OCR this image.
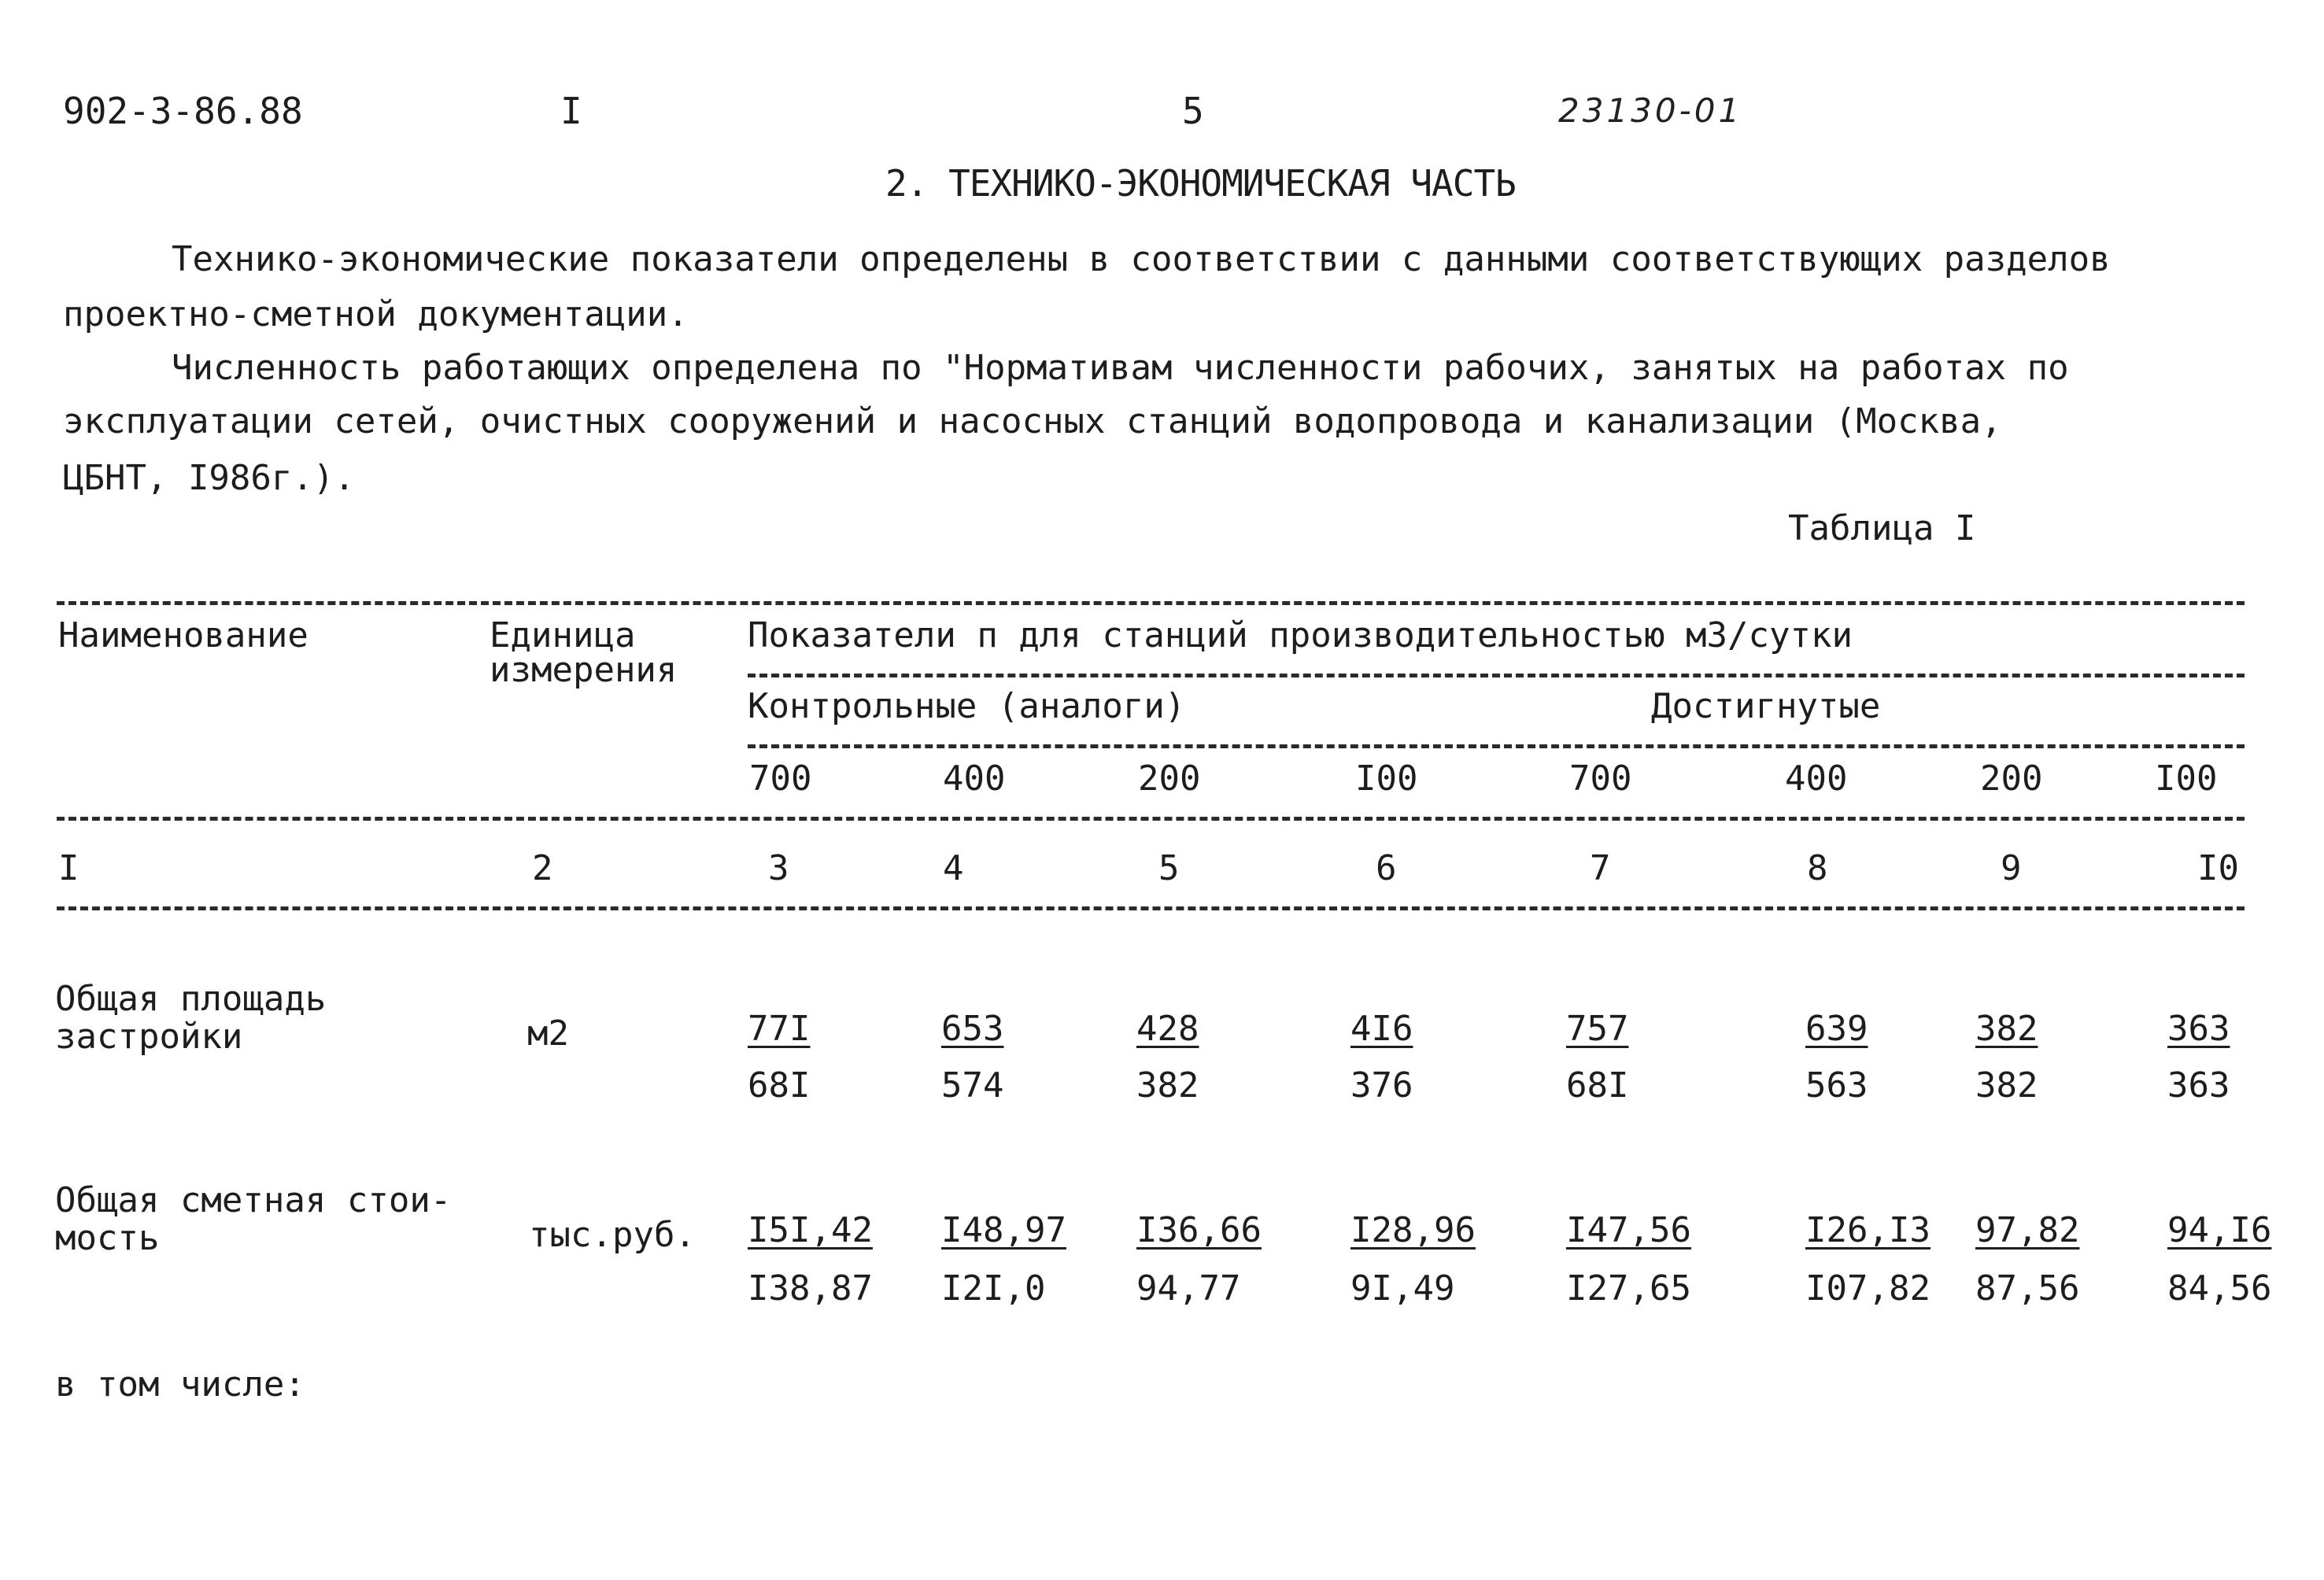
902-3-86.88	I	5	23130-01
2. ТЕХНИКО-ЭКОНОМИЧЕСКАЯ ЧАСТЬ
Технико-экономические показатели определены в соответствии с данными соответствующих разделов
проектно-сметной документации.
Численность работающих определена по "Нормативам численности рабочих, занятых на работах по
эксплуатации сетей, очистных сооружений и насосных станций водопровода и канализации (Москва,
ЦБНТ, I986г.).
Таблица I
Наименование	Единица
измерения
Показатели п для станций производительностью м3/сутки
Контрольные (аналоги)	Достигнутые
700	400	200	I00	700	400	200	I00
I	2	3	4	5	6	7	8	9	I0
Общая площадь
застройки	м2	77I	653	428	4I6	757	639	382	363
68I	574	382	376	68I	563	382	363
Общая сметная стои-
мость	тыс.руб. I5I,42 I48,97 I36,66	I28,96	I47,56	I26,I3 97,82	94,I6
I38,87 I2I,0	94,77	9I,49	I27,65	I07,82 87,56	84,56
в том числе:
